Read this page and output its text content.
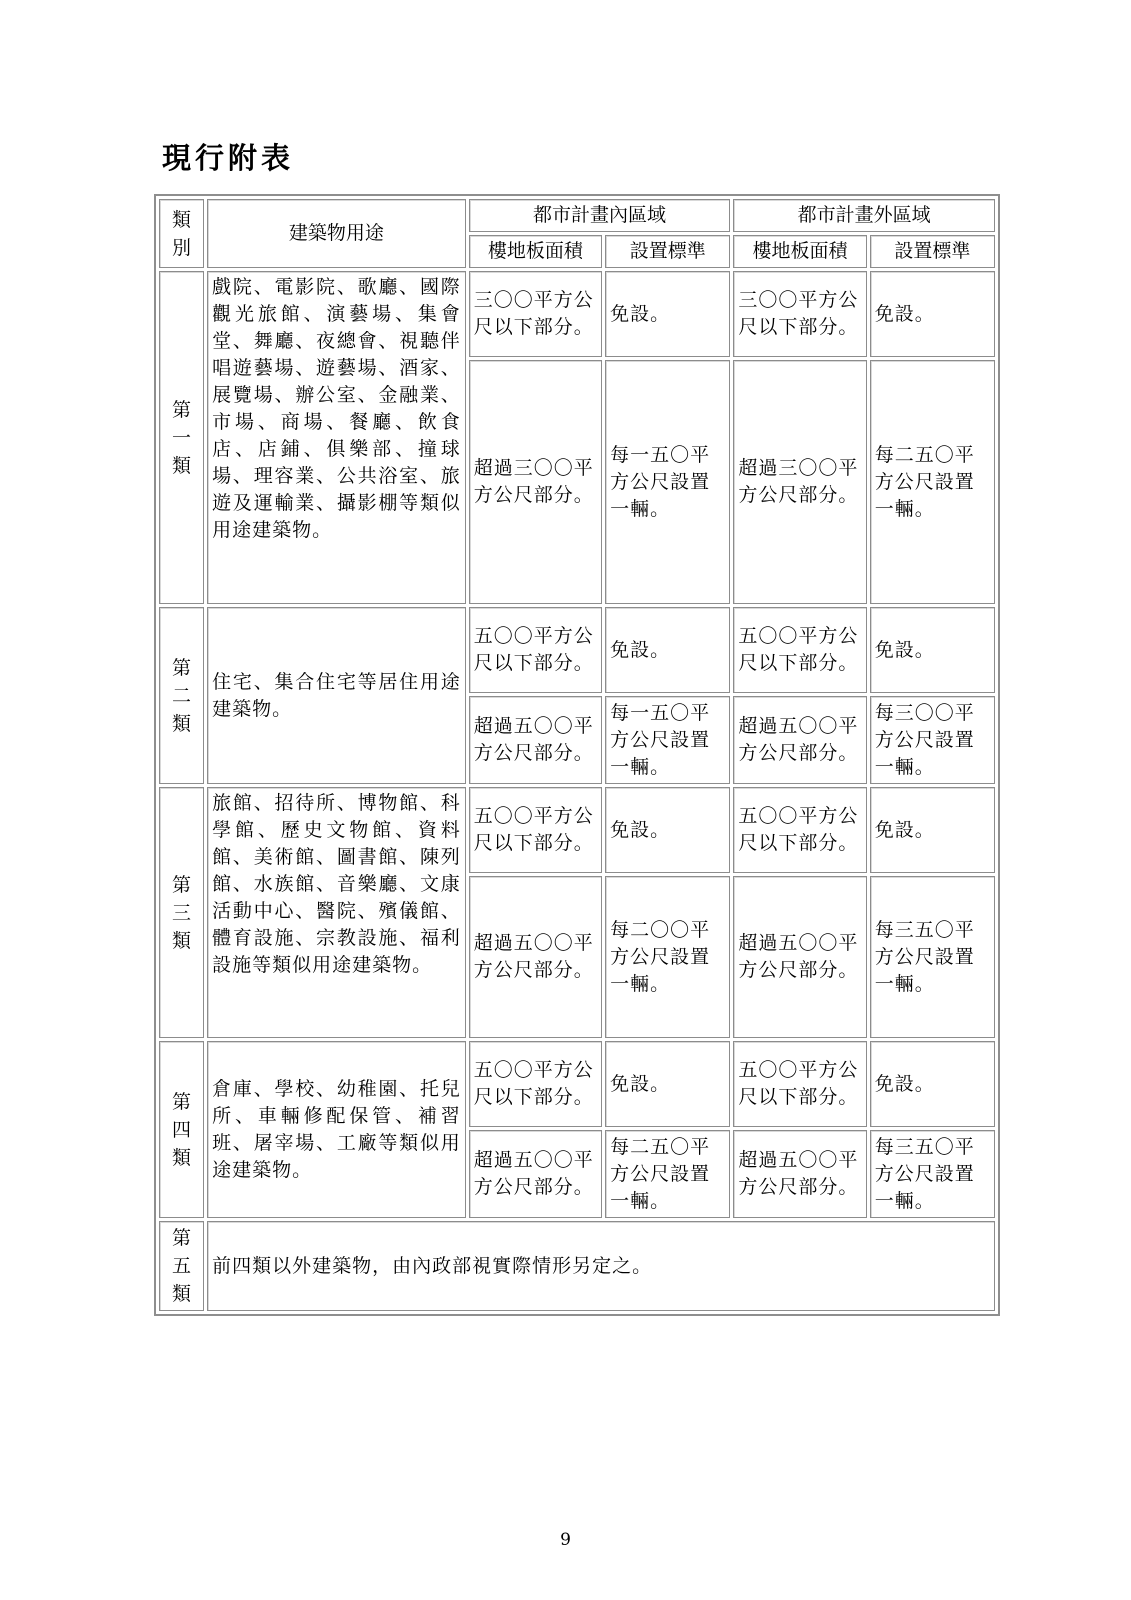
現行附表
類別	建築物用途	都市計畫內區域		都市計畫外區域	
		樓地板面積	設置標準	樓地板面積	設置標準
第一類	戲院、電影院、歌廳、國際觀光旅館、演藝場、集會堂、舞廳、夜總會、視聽伴唱遊藝場、遊藝場、酒家、展覽場、辦公室、金融業、市場、商場、餐廳、飲食店、店鋪、俱樂部、撞球場、理容業、公共浴室、旅遊及運輸業、攝影棚等類似用途建築物。	三〇〇平方公尺以下部分。	免設。	三〇〇平方公尺以下部分。	免設。
		超過三〇〇平方公尺部分。	每一五〇平方公尺設置一輛。	超過三〇〇平方公尺部分。	每二五〇平方公尺設置一輛。
第二類	住宅、集合住宅等居住用途建築物。	五〇〇平方公尺以下部分。	免設。	五〇〇平方公尺以下部分。	免設。
		超過五〇〇平方公尺部分。	每一五〇平方公尺設置一輛。	超過五〇〇平方公尺部分。	每三〇〇平方公尺設置一輛。
第三類	旅館、招待所、博物館、科學館、歷史文物館、資料館、美術館、圖書館、陳列館、水族館、音樂廳、文康活動中心、醫院、殯儀館、體育設施、宗教設施、福利設施等類似用途建築物。	五〇〇平方公尺以下部分。	免設。	五〇〇平方公尺以下部分。	免設。
		超過五〇〇平方公尺部分。	每二〇〇平方公尺設置一輛。	超過五〇〇平方公尺部分。	每三五〇平方公尺設置一輛。
第四類	倉庫、學校、幼稚園、托兒所、車輛修配保管、補習班、屠宰場、工廠等類似用途建築物。	五〇〇平方公尺以下部分。	免設。	五〇〇平方公尺以下部分。	免設。
		超過五〇〇平方公尺部分。	每二五〇平方公尺設置一輛。	超過五〇〇平方公尺部分。	每三五〇平方公尺設置一輛。
第五類	前四類以外建築物，由內政部視實際情形另定之。				
9
